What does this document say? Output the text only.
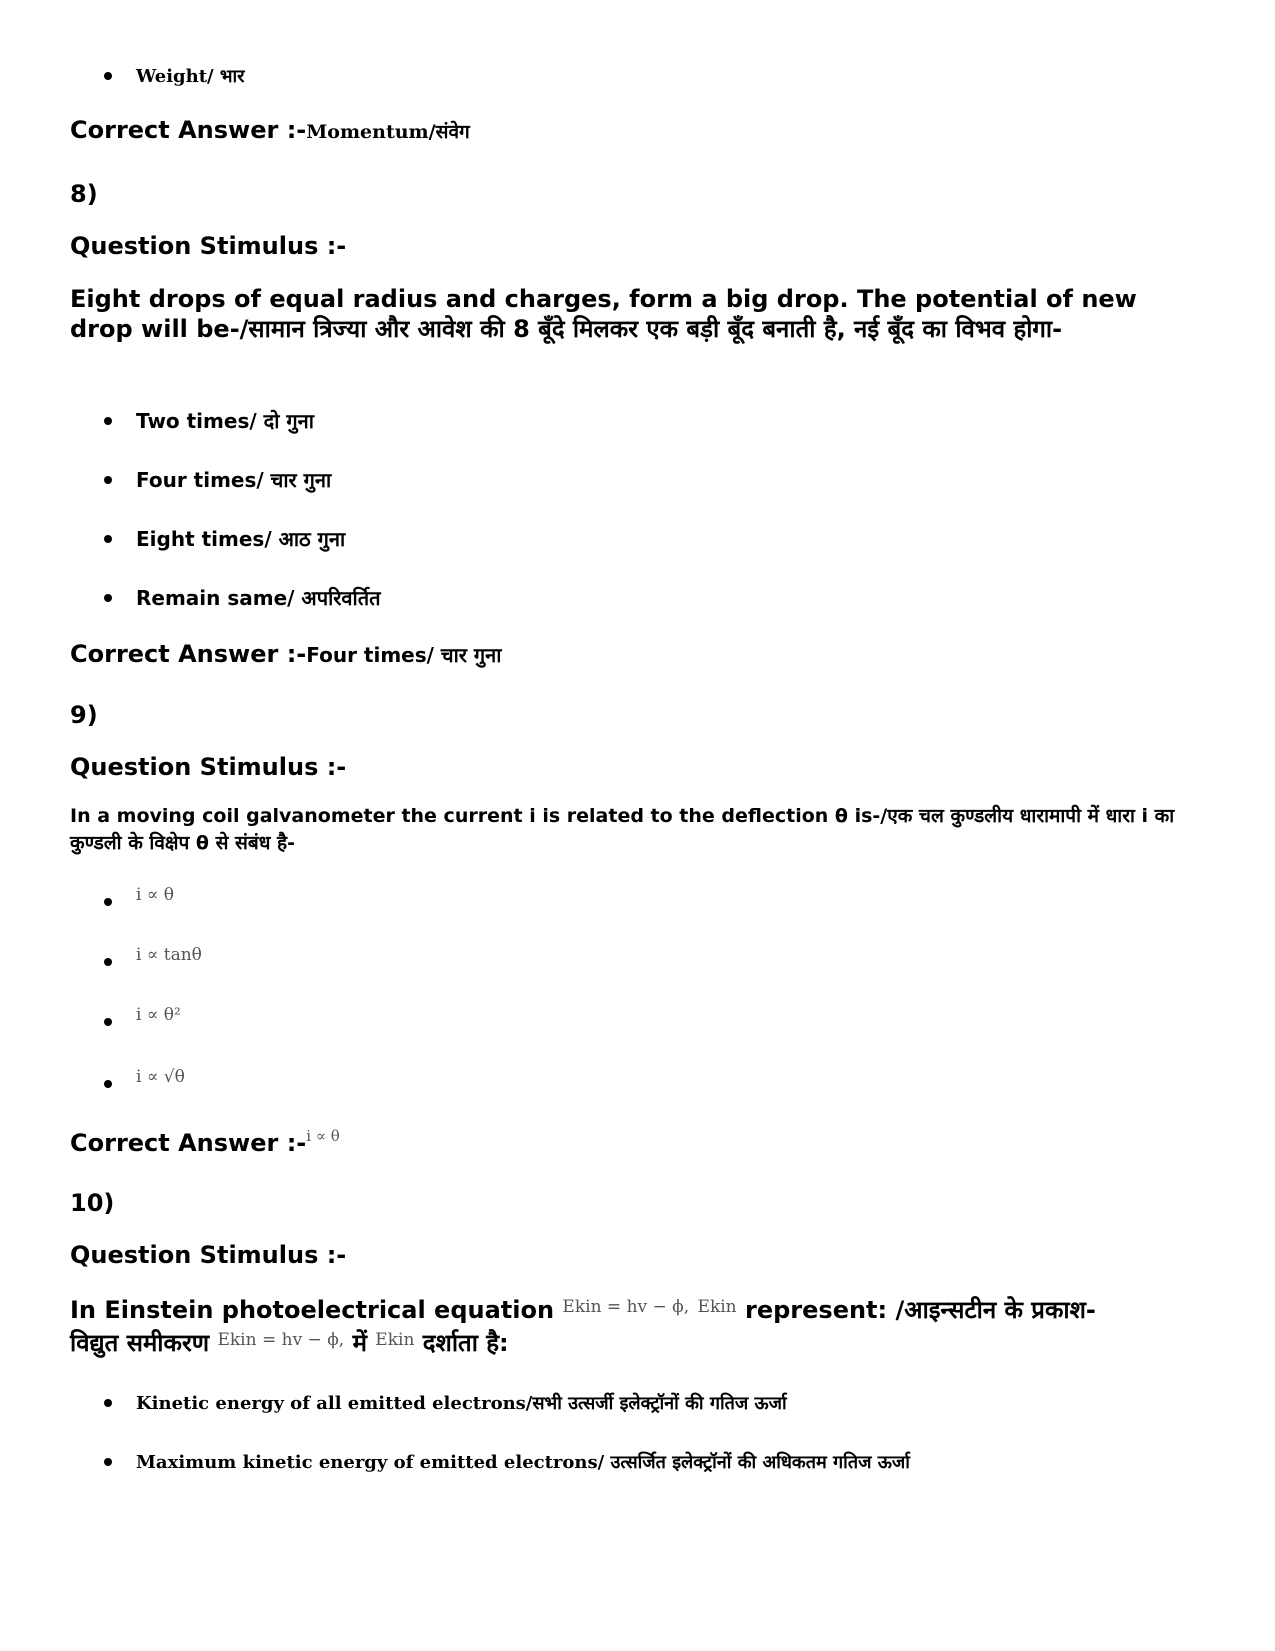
Weight/ भार
Correct Answer :-Momentum/संवेग
8)
Question Stimulus :-
Eight drops of equal radius and charges, form a big drop. The potential of new drop will be-/सामान त्रिज्या और आवेश की 8 बूँदे मिलकर एक बड़ी बूँद बनाती है, नई बूँद का विभव होगा-
Two times/ दो गुना
Four times/ चार गुना
Eight times/ आठ गुना
Remain same/ अपरिवर्तित
Correct Answer :-Four times/ चार गुना
9)
Question Stimulus :-
In a moving coil galvanometer the current i is related to the deflection θ is-/एक चल कुण्डलीय धारामापी में धारा i का कुण्डली के विक्षेप θ से संबंध है-
i ∝ θ
i ∝ tanθ
i ∝ θ²
i ∝ √θ
Correct Answer :-i ∝ θ
10)
Question Stimulus :-
In Einstein photoelectrical equation $^{Ekin = hv - \phi,}$ $^{Ekin}$ represent: /आइन्सटीन के प्रकाश-
विद्युत समीकरण $^{Ekin = hv - \phi,}$ में $^{Ekin}$ दर्शाता है:
Kinetic energy of all emitted electrons/सभी उत्सर्जी इलेक्ट्रॉनों की गतिज ऊर्जा
Maximum kinetic energy of emitted electrons/ उत्सर्जित इलेक्ट्रॉनों की अधिकतम गतिज ऊर्जा
